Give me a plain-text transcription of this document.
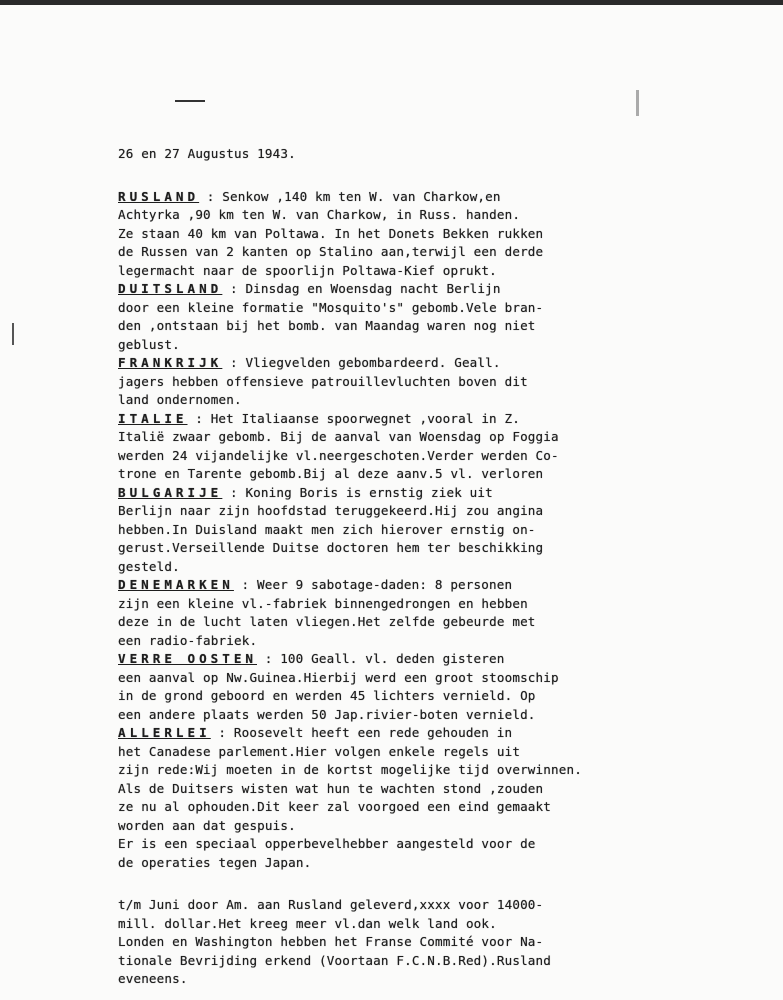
26 en 27 Augustus 1943.
RUSLAND : Senkow ,140 km ten W. van Charkow,en
Achtyrka ,90 km ten W. van Charkow, in Russ. handen.
Ze staan 40 km van Poltawa. In het Donets Bekken rukken
de Russen van 2 kanten op Stalino aan,terwijl een derde
legermacht naar de spoorlijn Poltawa-Kief oprukt.
DUITSLAND : Dinsdag en Woensdag nacht Berlijn
door een kleine formatie "Mosquito's" gebomb.Vele bran-
den ,ontstaan bij het bomb. van Maandag waren nog niet
geblust.
FRANKRIJK : Vliegvelden gebombardeerd. Geall.
jagers hebben offensieve patrouillevluchten boven dit
land ondernomen.
ITALIE : Het Italiaanse spoorwegnet ,vooral in Z.
Italië zwaar gebomb. Bij de aanval van Woensdag op Foggia
werden 24 vijandelijke vl.neergeschoten.Verder werden Co-
trone en Tarente gebomb.Bij al deze aanv.5 vl. verloren
BULGARIJE : Koning Boris is ernstig ziek uit
Berlijn naar zijn hoofdstad teruggekeerd.Hij zou angina
hebben.In Duisland maakt men zich hierover ernstig on-
gerust.Verseillende Duitse doctoren hem ter beschikking
gesteld.
DENEMARKEN : Weer 9 sabotage-daden: 8 personen
zijn een kleine vl.-fabriek binnengedrongen en hebben
deze in de lucht laten vliegen.Het zelfde gebeurde met
een radio-fabriek.
VERRE OOSTEN : 100 Geall. vl. deden gisteren
een aanval op Nw.Guinea.Hierbij werd een groot stoomschip
in de grond geboord en werden 45 lichters vernield. Op
een andere plaats werden 50 Jap.rivier-boten vernield.
ALLERLEI : Roosevelt heeft een rede gehouden in
het Canadese parlement.Hier volgen enkele regels uit
zijn rede:Wij moeten in de kortst mogelijke tijd overwinnen.
Als de Duitsers wisten wat hun te wachten stond ,zouden
ze nu al ophouden.Dit keer zal voorgoed een eind gemaakt
worden aan dat gespuis.
Er is een speciaal opperbevelhebber aangesteld voor de
de operaties tegen Japan.
t/m Juni door Am. aan Rusland geleverd,xxxx voor 14000-
mill. dollar.Het kreeg meer vl.dan welk land ook.
Londen en Washington hebben het Franse Commité voor Na-
tionale Bevrijding erkend (Voortaan F.C.N.B.Red).Rusland
eveneens.
